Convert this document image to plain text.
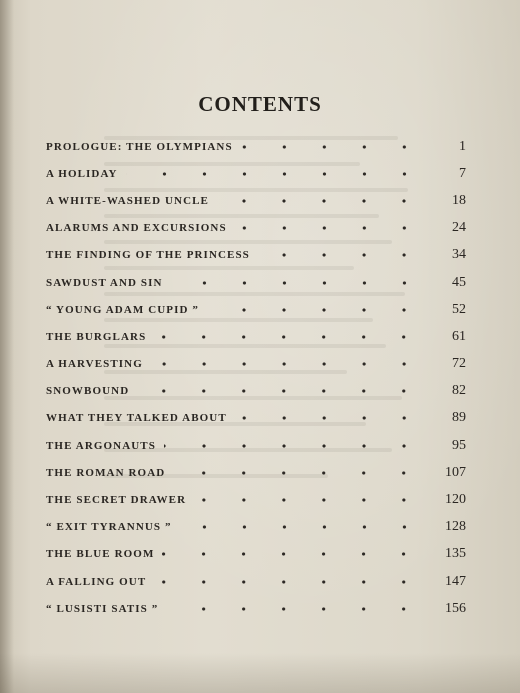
CONTENTS
PROLOGUE: THE OLYMPIANS	1
A HOLIDAY	7
A WHITE-WASHED UNCLE	18
ALARUMS AND EXCURSIONS	24
THE FINDING OF THE PRINCESS	34
SAWDUST AND SIN	45
“ YOUNG ADAM CUPID ”	52
THE BURGLARS	61
A HARVESTING	72
SNOWBOUND	82
WHAT THEY TALKED ABOUT	89
THE ARGONAUTS	95
THE ROMAN ROAD	107
THE SECRET DRAWER	120
“ EXIT TYRANNUS ”	128
THE BLUE ROOM	135
A FALLING OUT	147
“ LUSISTI SATIS ”	156
